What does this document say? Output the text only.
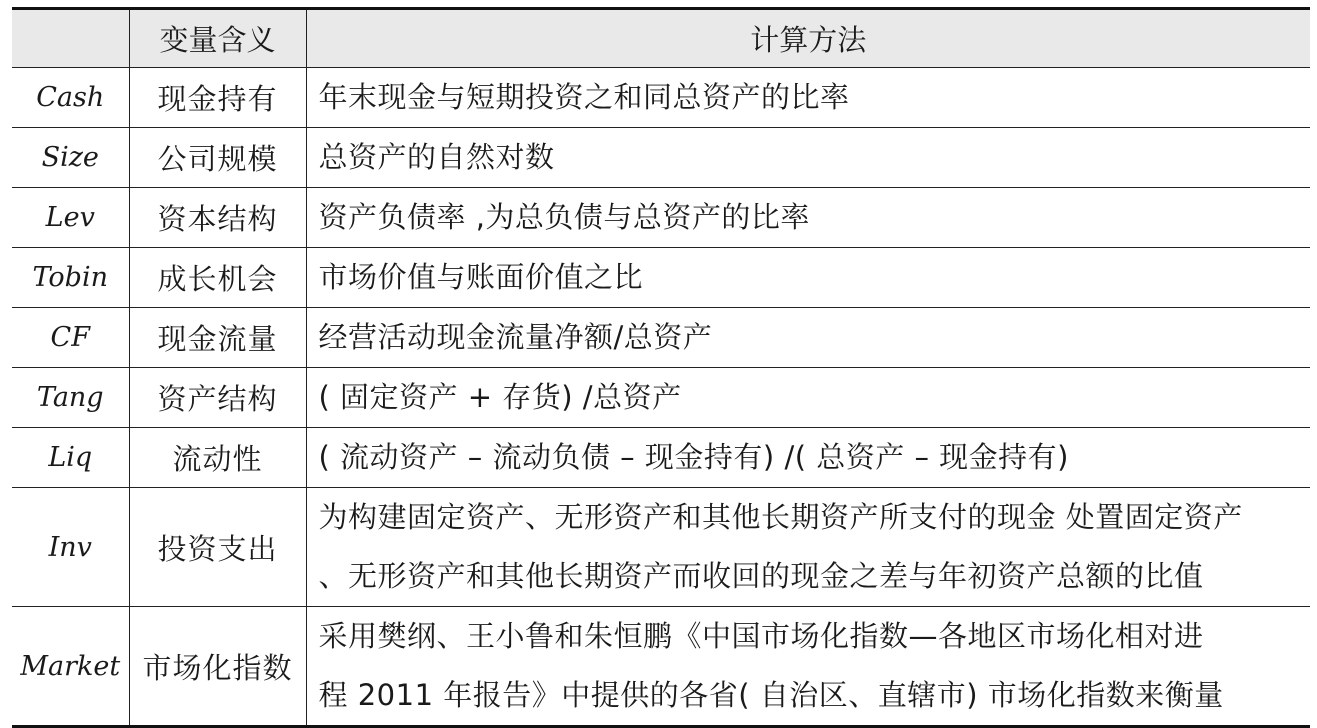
	变量含义	计算方法
Cash	现金持有	年末现金与短期投资之和同总资产的比率

Size	公司规模	总资产的自然对数

Lev	资本结构	资产负债率 ,为总负债与总资产的比率

Tobin	成长机会	市场价值与账面价值之比

CF	现金流量	经营活动现金流量净额/总资产

Tang	资产结构	( 固定资产 + 存货) /总资产

Liq	流动性	( 流动资产 – 流动负债 – 现金持有) /( 总资产 – 现金持有)

Inv	投资支出	为构建固定资产、无形资产和其他长期资产所支付的现金 处置固定资产
、无形资产和其他长期资产而收回的现金之差与年初资产总额的比值

Market	市场化指数	采用樊纲、王小鲁和朱恒鹏《中国市场化指数—各地区市场化相对进
程 2011 年报告》中提供的各省( 自治区、直辖市) 市场化指数来衡量
